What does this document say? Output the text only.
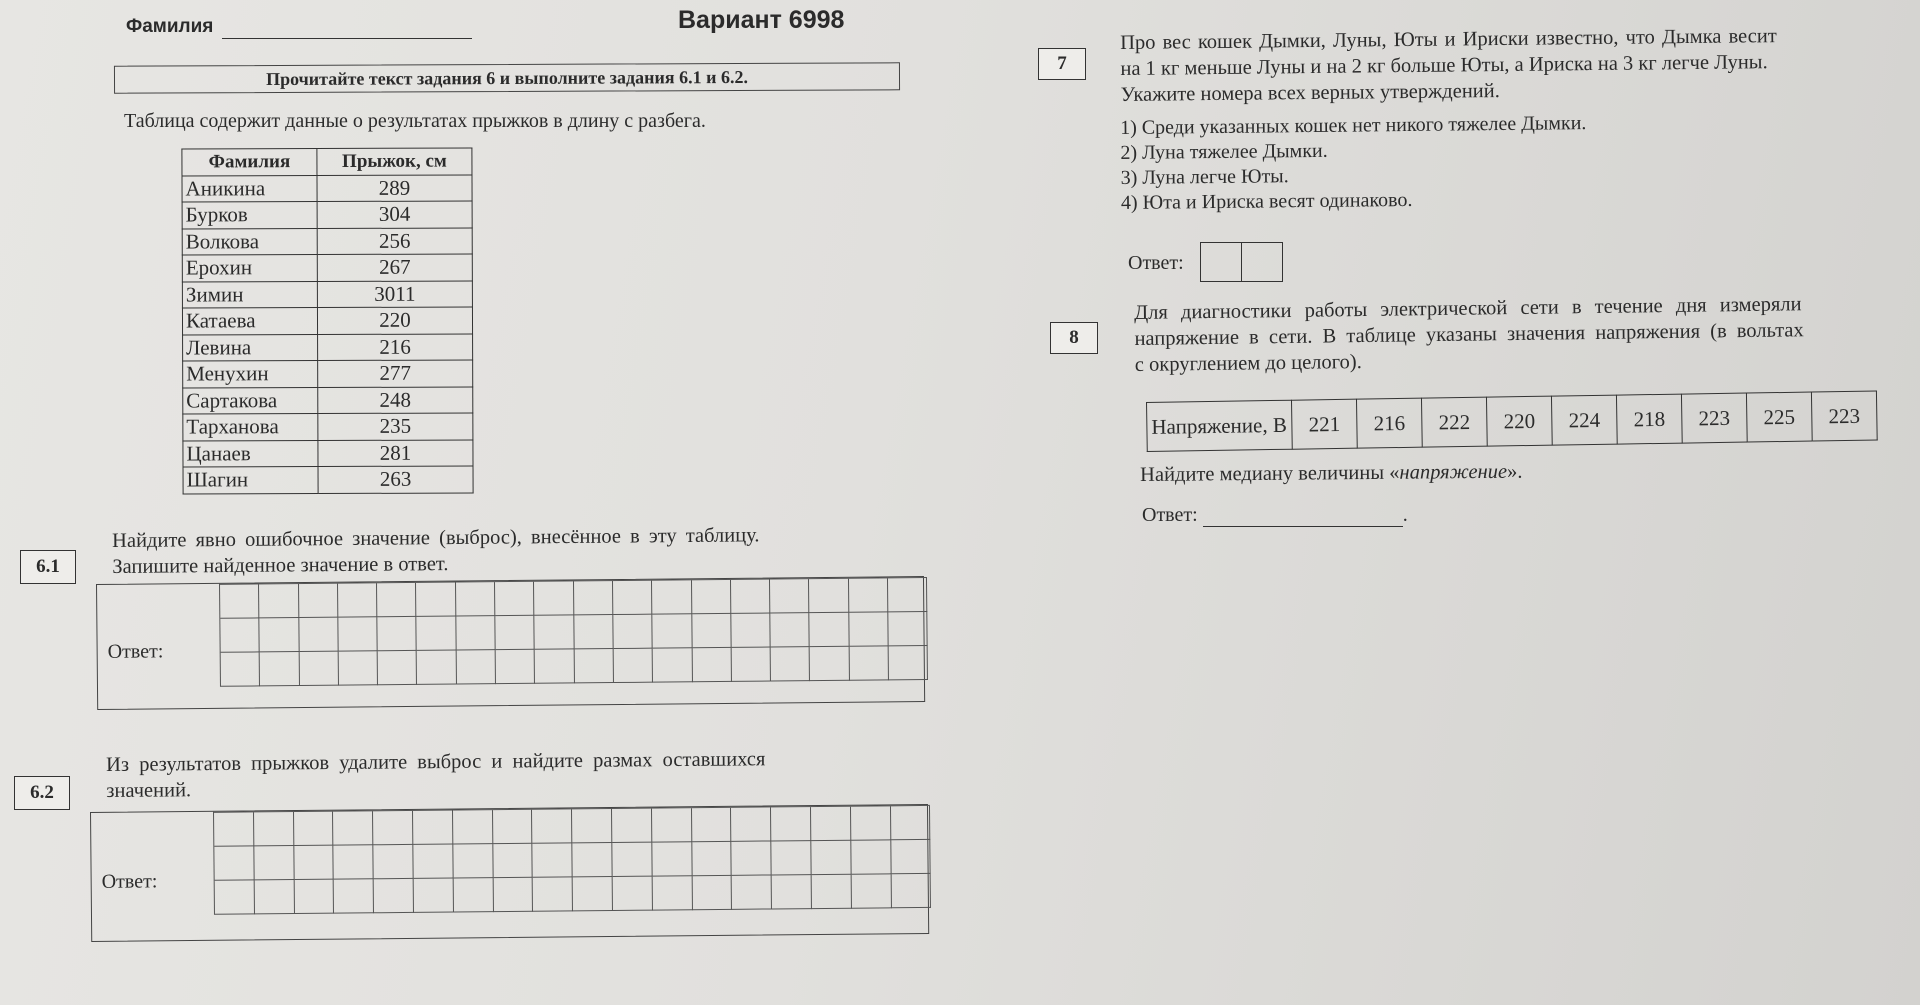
Фамилия	Вариант 6998
Прочитайте текст задания 6 и выполните задания 6.1 и 6.2.
Таблица содержит данные о результатах прыжков в длину с разбега.
Фамилия	Прыжок, см
Аникина	289
Бурков	304
Волкова	256
Ерохин	267
Зимин	3011
Катаева	220
Левина	216
Менухин	277
Сартакова	248
Тарханова	235
Цанаев	281
Шагин	263
6.1
Найдите явно ошибочное значение (выброс), внесённое в эту таблицу.
Запишите найденное значение в ответ.
Ответ:
6.2
Из результатов прыжков удалите выброс и найдите размах оставшихся
значений.
Ответ:
7
Про вес кошек Дымки, Луны, Юты и Ириски известно, что Дымка весит
на 1 кг меньше Луны и на 2 кг больше Юты, а Ириска на 3 кг легче Луны.
Укажите номера всех верных утверждений.
1) Среди указанных кошек нет никого тяжелее Дымки.
2) Луна тяжелее Дымки.
3) Луна легче Юты.
4) Юта и Ириска весят одинаково.
Ответ:
8
Для диагностики работы электрической сети в течение дня измеряли
напряжение в сети. В таблице указаны значения напряжения (в вольтах
с округлением до целого).
Напряжение, В	221	216	222	220	224	218	223	225	223
Найдите медиану величины «напряжение».
Ответ:	.
